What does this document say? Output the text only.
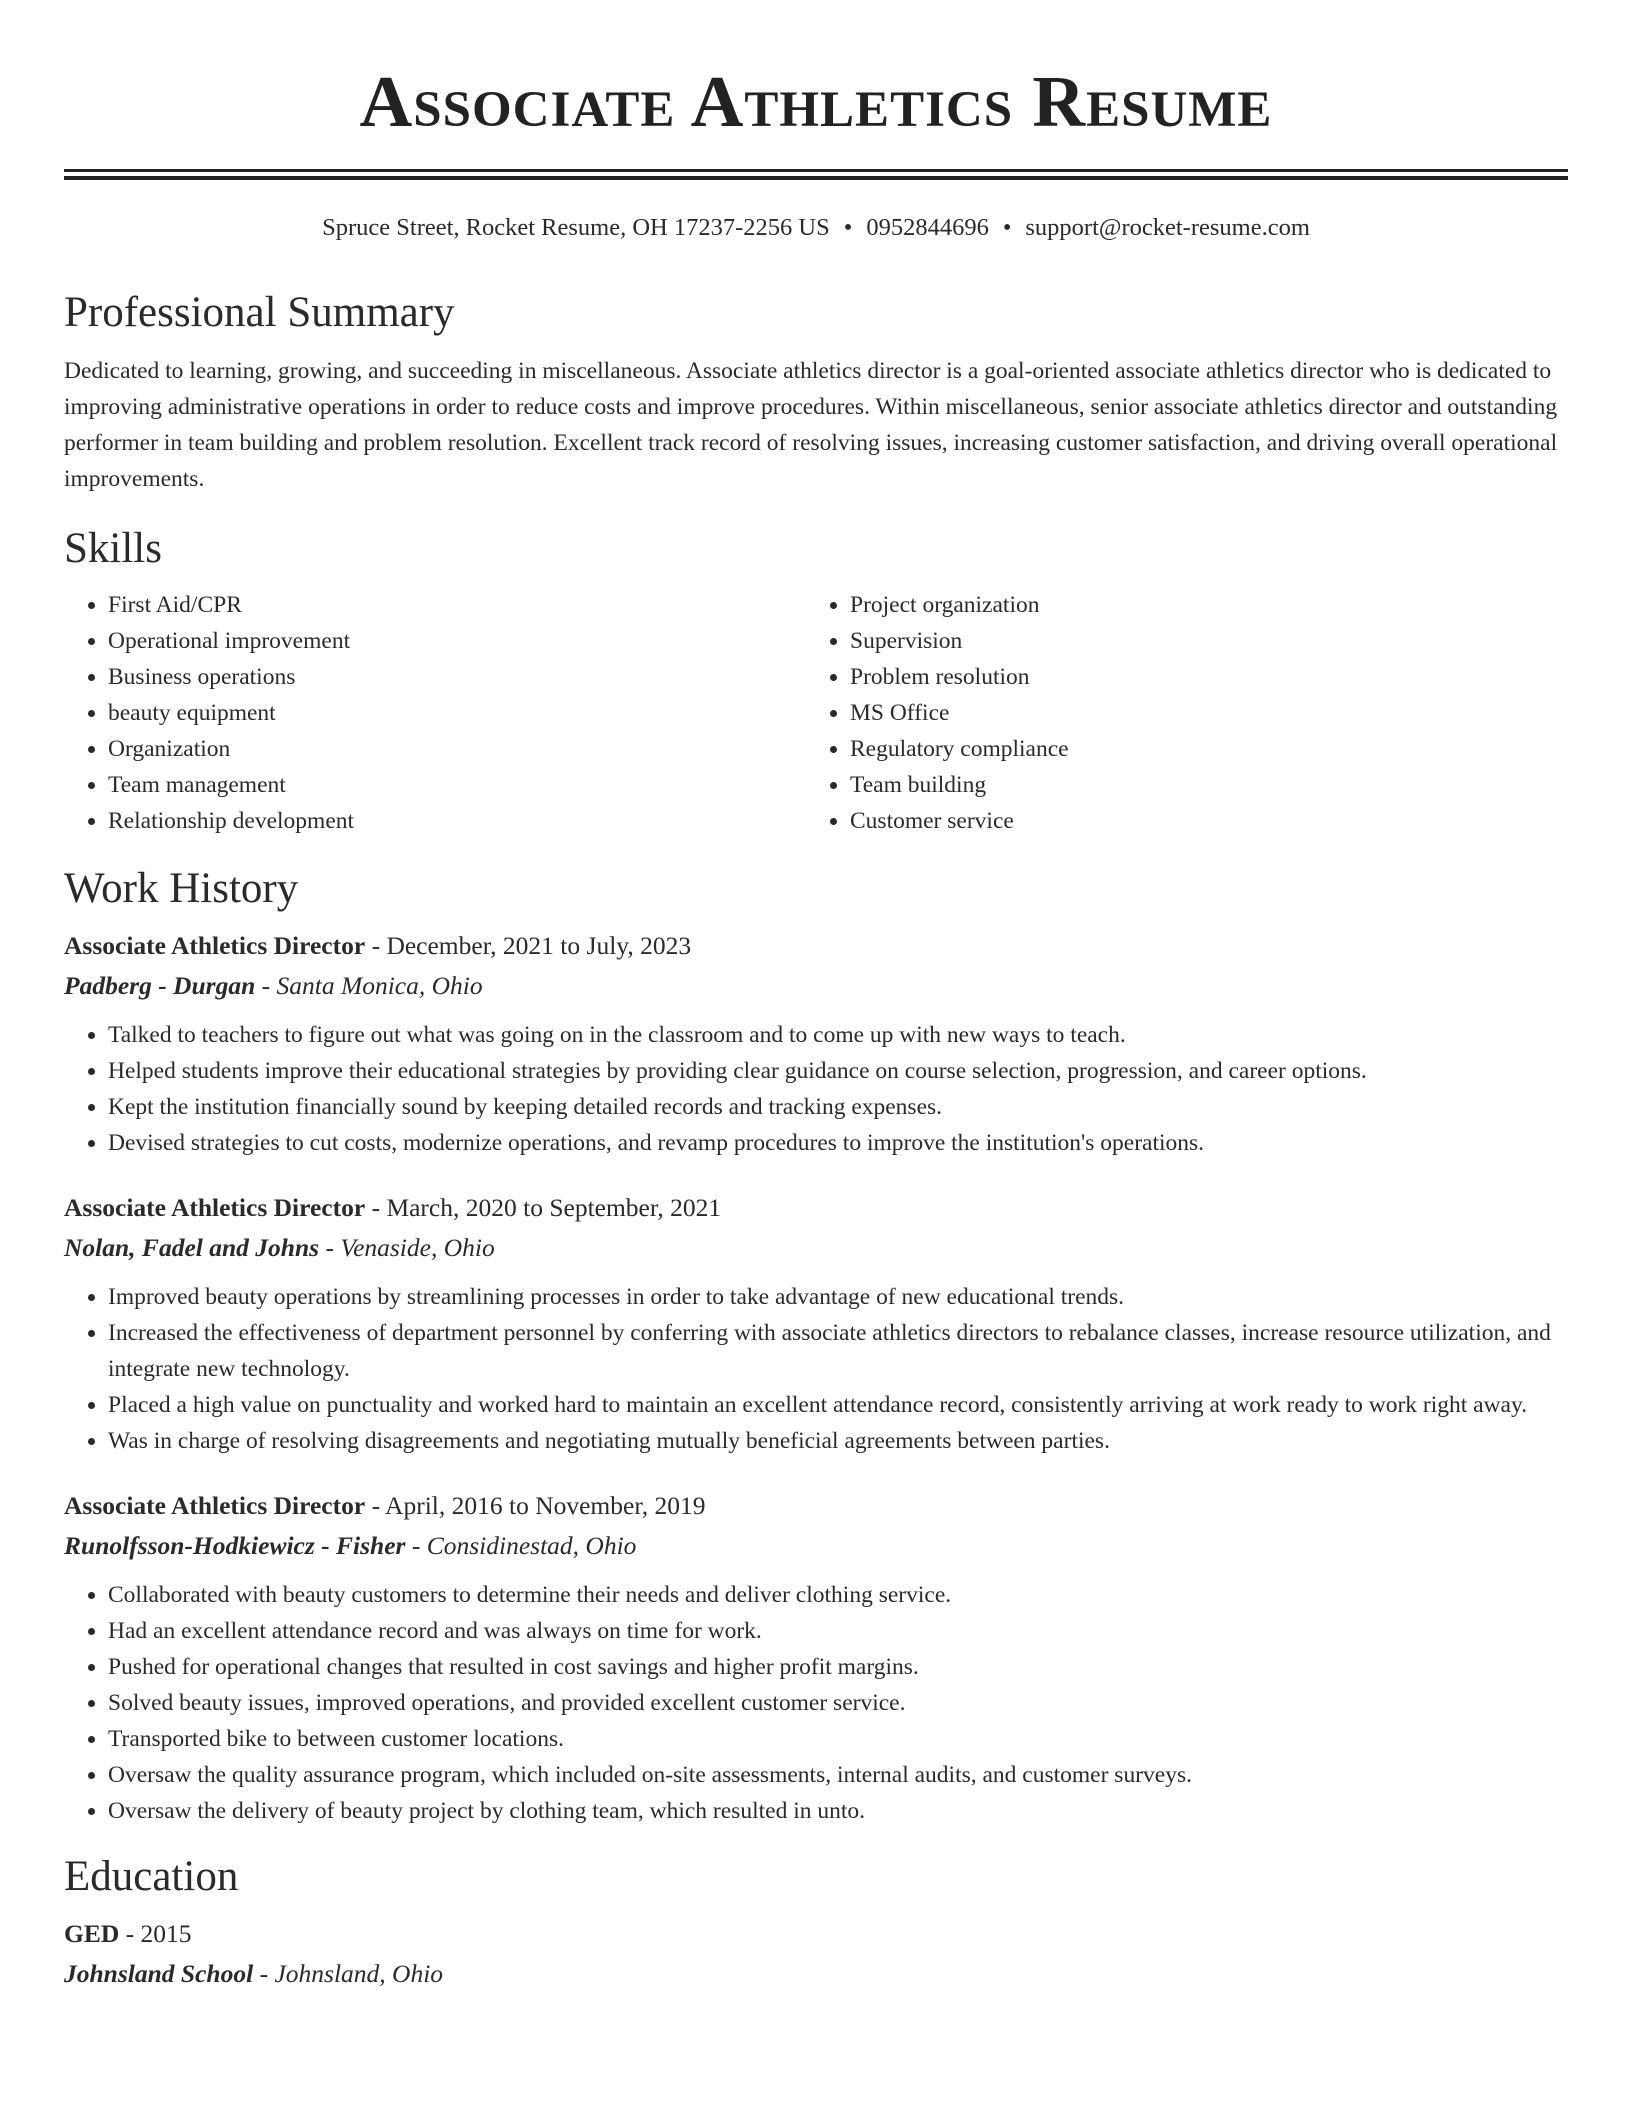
Associate Athletics Resume
Spruce Street, Rocket Resume, OH 17237-2256 US • 0952844696 • support@rocket-resume.com
Professional Summary

Dedicated to learning, growing, and succeeding in miscellaneous. Associate athletics director is a goal-oriented associate athletics director who is dedicated to improving administrative operations in order to reduce costs and improve procedures. Within miscellaneous, senior associate athletics director and outstanding performer in team building and problem resolution. Excellent track record of resolving issues, increasing customer satisfaction, and driving overall operational improvements.

Skills
• First Aid/CPR
• Operational improvement
• Business operations
• beauty equipment
• Organization
• Team management
• Relationship development
• Project organization
• Supervision
• Problem resolution
• MS Office
• Regulatory compliance
• Team building
• Customer service
Work History
Associate Athletics Director - December, 2021 to July, 2023
Padberg - Durgan - Santa Monica, Ohio
• Talked to teachers to figure out what was going on in the classroom and to come up with new ways to teach.
• Helped students improve their educational strategies by providing clear guidance on course selection, progression, and career options.
• Kept the institution financially sound by keeping detailed records and tracking expenses.
• Devised strategies to cut costs, modernize operations, and revamp procedures to improve the institution's operations.
Associate Athletics Director - March, 2020 to September, 2021
Nolan, Fadel and Johns - Venaside, Ohio
• Improved beauty operations by streamlining processes in order to take advantage of new educational trends.
• Increased the effectiveness of department personnel by conferring with associate athletics directors to rebalance classes, increase resource utilization, and integrate new technology.
• Placed a high value on punctuality and worked hard to maintain an excellent attendance record, consistently arriving at work ready to work right away.
• Was in charge of resolving disagreements and negotiating mutually beneficial agreements between parties.
Associate Athletics Director - April, 2016 to November, 2019
Runolfsson-Hodkiewicz - Fisher - Considinestad, Ohio
• Collaborated with beauty customers to determine their needs and deliver clothing service.
• Had an excellent attendance record and was always on time for work.
• Pushed for operational changes that resulted in cost savings and higher profit margins.
• Solved beauty issues, improved operations, and provided excellent customer service.
• Transported bike to between customer locations.
• Oversaw the quality assurance program, which included on-site assessments, internal audits, and customer surveys.
• Oversaw the delivery of beauty project by clothing team, which resulted in unto.
Education
GED - 2015
Johnsland School - Johnsland, Ohio
